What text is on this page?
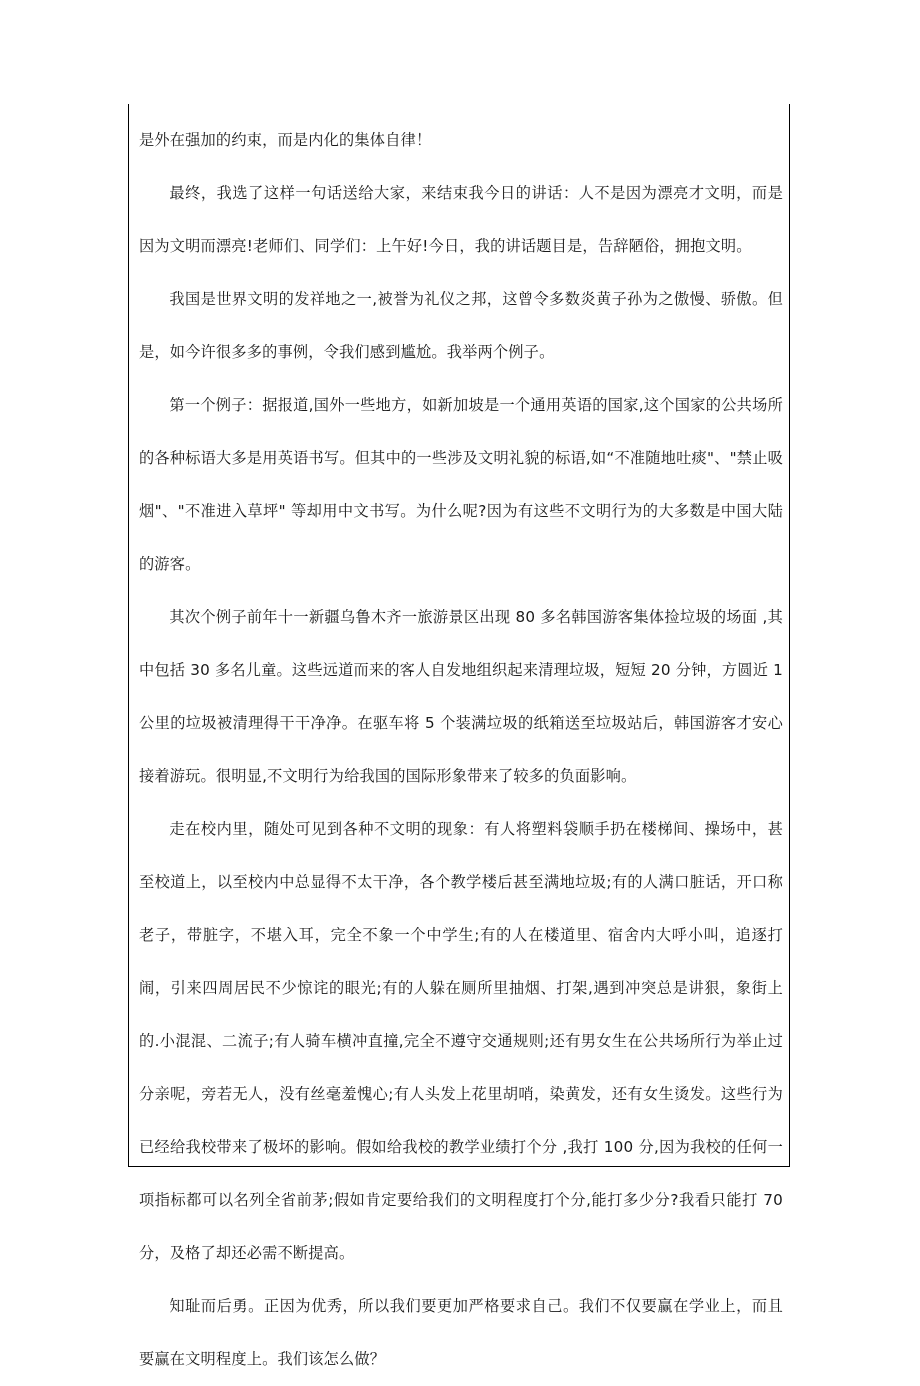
是外在强加的约束，而是内化的集体自律！

最终，我选了这样一句话送给大家，来结束我今日的讲话：人不是因为漂亮才文明，而是因为文明而漂亮!老师们、同学们：上午好!今日，我的讲话题目是，告辞陋俗，拥抱文明。

我国是世界文明的发祥地之一,被誉为礼仪之邦，这曾令多数炎黄子孙为之傲慢、骄傲。但是，如今许很多多的事例，令我们感到尴尬。我举两个例子。

第一个例子：据报道,国外一些地方，如新加坡是一个通用英语的国家,这个国家的公共场所的各种标语大多是用英语书写。但其中的一些涉及文明礼貌的标语,如“不准随地吐痰"、"禁止吸烟"、"不准进入草坪" 等却用中文书写。为什么呢?因为有这些不文明行为的大多数是中国大陆的游客。

其次个例子前年十一新疆乌鲁木齐一旅游景区出现 80 多名韩国游客集体捡垃圾的场面 ,其中包括 30 多名儿童。这些远道而来的客人自发地组织起来清理垃圾，短短 20 分钟，方圆近 1 公里的垃圾被清理得干干净净。在驱车将 5 个装满垃圾的纸箱送至垃圾站后，韩国游客才安心接着游玩。很明显,不文明行为给我国的国际形象带来了较多的负面影响。

走在校内里，随处可见到各种不文明的现象：有人将塑料袋顺手扔在楼梯间、操场中，甚至校道上，以至校内中总显得不太干净，各个教学楼后甚至满地垃圾;有的人满口脏话，开口称老子，带脏字，不堪入耳，完全不象一个中学生;有的人在楼道里、宿舍内大呼小叫，追逐打闹，引来四周居民不少惊诧的眼光;有的人躲在厕所里抽烟、打架,遇到冲突总是讲狠，象街上的.小混混、二流子;有人骑车横冲直撞,完全不遵守交通规则;还有男女生在公共场所行为举止过分亲呢，旁若无人，没有丝毫羞愧心;有人头发上花里胡哨，染黄发，还有女生烫发。这些行为已经给我校带来了极坏的影响。假如给我校的教学业绩打个分 ,我打 100 分,因为我校的任何一项指标都可以名列全省前茅;假如肯定要给我们的文明程度打个分,能打多少分?我看只能打 70 分，及格了却还必需不断提高。

知耻而后勇。正因为优秀，所以我们要更加严格要求自己。我们不仅要赢在学业上，而且要赢在文明程度上。我们该怎么做？
